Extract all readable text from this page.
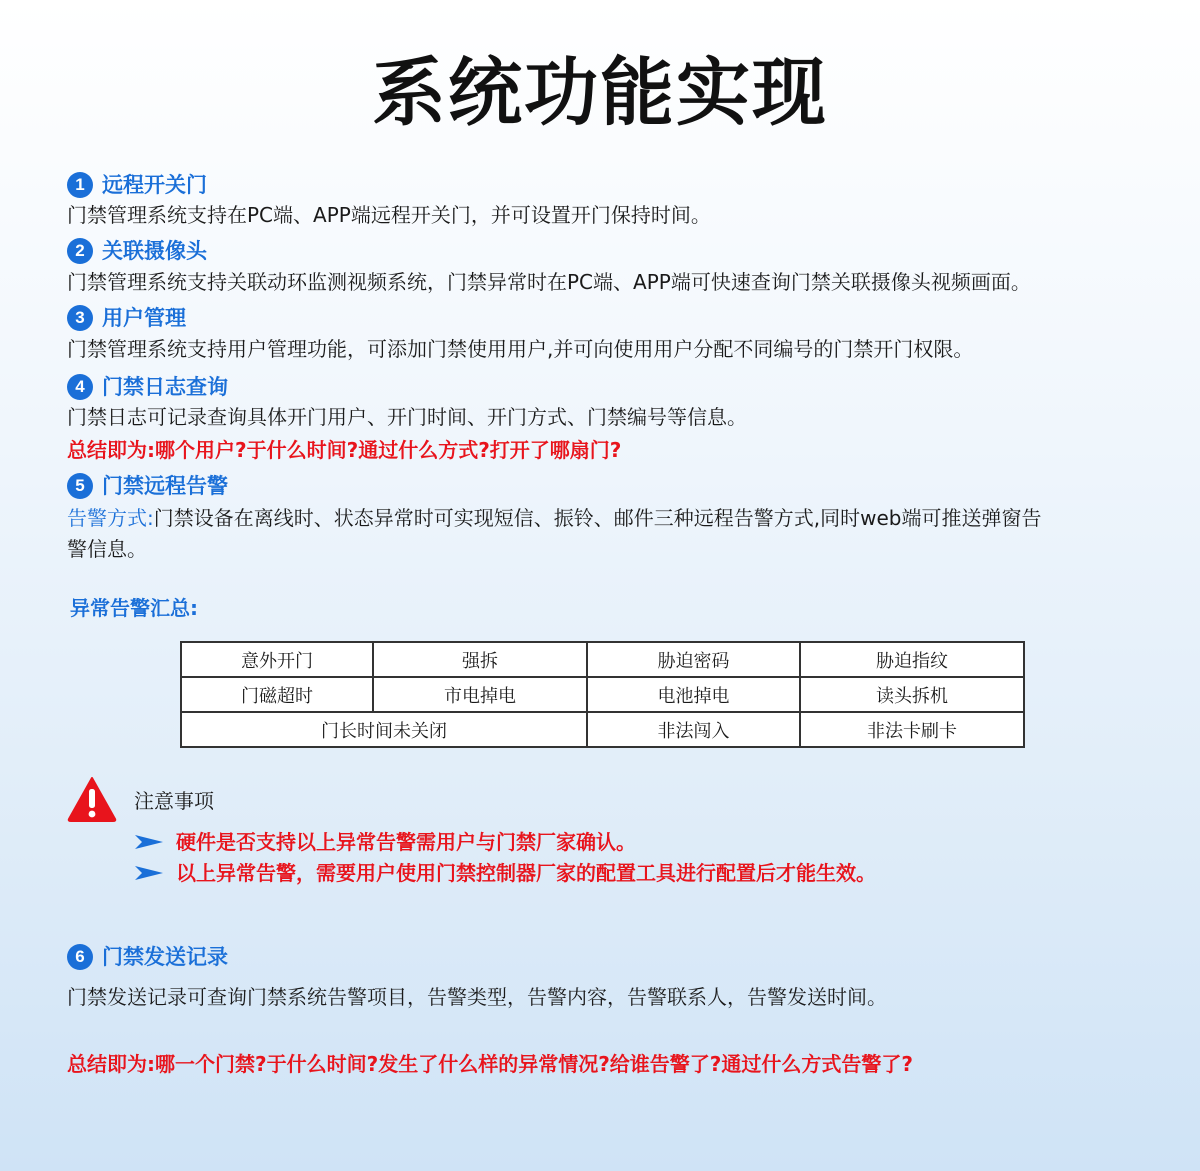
系统功能实现
1 远程开关门
门禁管理系统支持在PC端、APP端远程开关门，并可设置开门保持时间。
2 关联摄像头
门禁管理系统支持关联动环监测视频系统，门禁异常时在PC端、APP端可快速查询门禁关联摄像头视频画面。
3 用户管理
门禁管理系统支持用户管理功能，可添加门禁使用用户,并可向使用用户分配不同编号的门禁开门权限。
4 门禁日志查询
门禁日志可记录查询具体开门用户、开门时间、开门方式、门禁编号等信息。
总结即为:哪个用户?于什么时间?通过什么方式?打开了哪扇门?
5 门禁远程告警
告警方式:门禁设备在离线时、状态异常时可实现短信、振铃、邮件三种远程告警方式,同时web端可推送弹窗告
警信息。
异常告警汇总:
意外开门	强拆	胁迫密码	胁迫指纹
门磁超时	市电掉电	电池掉电	读头拆机
门长时间未关闭		非法闯入	非法卡刷卡
注意事项
硬件是否支持以上异常告警需用户与门禁厂家确认。
以上异常告警，需要用户使用门禁控制器厂家的配置工具进行配置后才能生效。
6 门禁发送记录
门禁发送记录可查询门禁系统告警项目，告警类型，告警内容，告警联系人，告警发送时间。
总结即为:哪一个门禁?于什么时间?发生了什么样的异常情况?给谁告警了?通过什么方式告警了?
